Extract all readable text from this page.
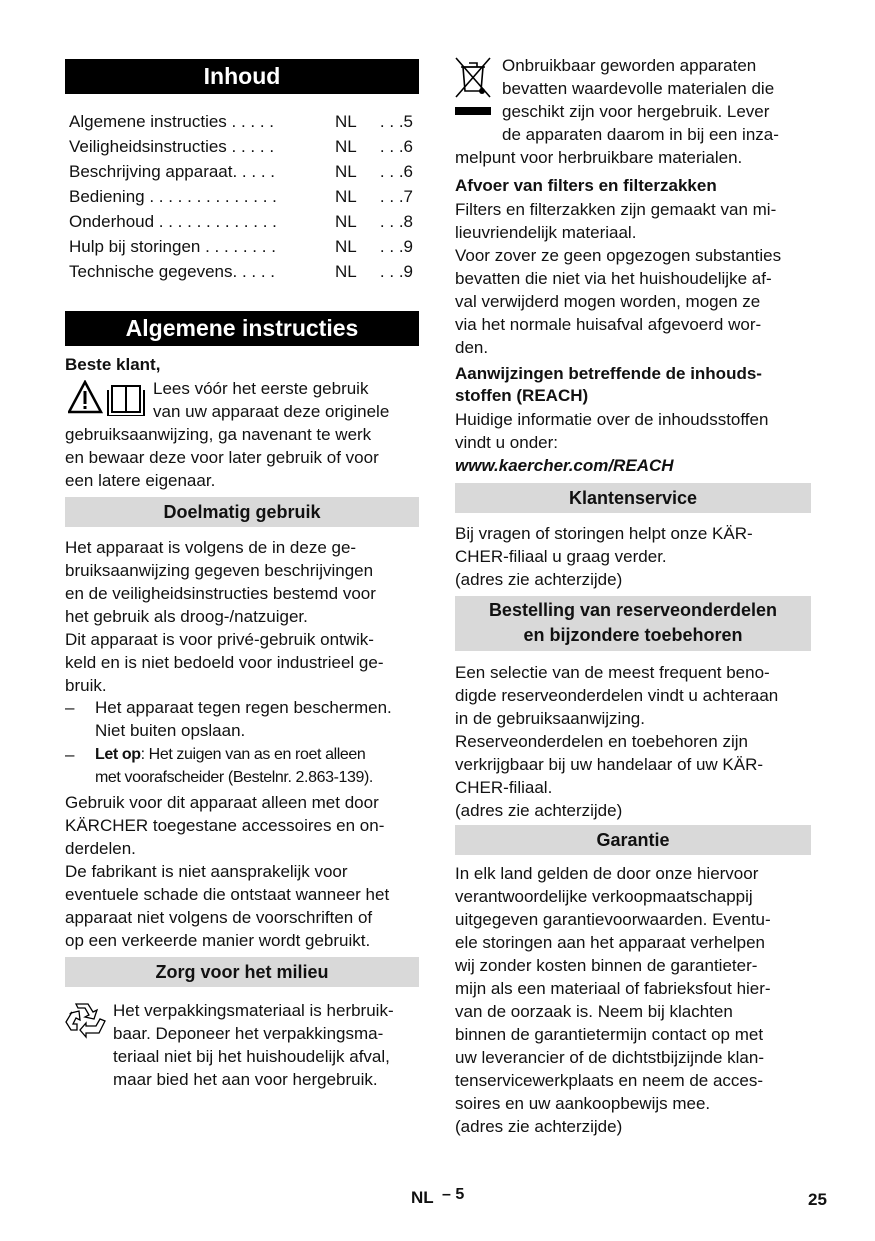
Inhoud
Algemene instructies . . . . .	NL . . .5
Veiligheidsinstructies . . . . .	NL . . .6
Beschrijving apparaat. . . . .	NL . . .6
Bediening . . . . . . . . . . . . . .	NL . . .7
Onderhoud . . . . . . . . . . . . .	NL . . .8
Hulp bij storingen . . . . . . . .	NL . . .9
Technische gegevens. . . . .	NL . . .9
Algemene instructies
Beste klant,
Lees vóór het eerste gebruik
van uw apparaat deze originele
gebruiksaanwijzing, ga navenant te werk
en bewaar deze voor later gebruik of voor
een latere eigenaar.
Doelmatig gebruik
Het apparaat is volgens de in deze ge-
bruiksaanwijzing gegeven beschrijvingen
en de veiligheidsinstructies bestemd voor
het gebruik als droog-/natzuiger.
Dit apparaat is voor privé-gebruik ontwik-
keld en is niet bedoeld voor industrieel ge-
bruik.
– Het apparaat tegen regen beschermen.
Niet buiten opslaan.
– Let op: Het zuigen van as en roet alleen
met voorafscheider (Bestelnr. 2.863-139).
Gebruik voor dit apparaat alleen met door
KÄRCHER toegestane accessoires en on-
derdelen.
De fabrikant is niet aansprakelijk voor
eventuele schade die ontstaat wanneer het
apparaat niet volgens de voorschriften of
op een verkeerde manier wordt gebruikt.
Zorg voor het milieu
Het verpakkingsmateriaal is herbruik-
baar. Deponeer het verpakkingsma-
teriaal niet bij het huishoudelijk afval,
maar bied het aan voor hergebruik.
Onbruikbaar geworden apparaten
bevatten waardevolle materialen die
geschikt zijn voor hergebruik. Lever
de apparaten daarom in bij een inza-
melpunt voor herbruikbare materialen.
Afvoer van filters en filterzakken
Filters en filterzakken zijn gemaakt van mi-
lieuvriendelijk materiaal.
Voor zover ze geen opgezogen substanties
bevatten die niet via het huishoudelijke af-
val verwijderd mogen worden, mogen ze
via het normale huisafval afgevoerd wor-
den.
Aanwijzingen betreffende de inhouds-
stoffen (REACH)
Huidige informatie over de inhoudsstoffen
vindt u onder:
www.kaercher.com/REACH
Klantenservice
Bij vragen of storingen helpt onze KÄR-
CHER-filiaal u graag verder.
(adres zie achterzijde)
Bestelling van reserveonderdelen
en bijzondere toebehoren
Een selectie van de meest frequent beno-
digde reserveonderdelen vindt u achteraan
in de gebruiksaanwijzing.
Reserveonderdelen en toebehoren zijn
verkrijgbaar bij uw handelaar of uw KÄR-
CHER-filiaal.
(adres zie achterzijde)
Garantie
In elk land gelden de door onze hiervoor
verantwoordelijke verkoopmaatschappij
uitgegeven garantievoorwaarden. Eventu-
ele storingen aan het apparaat verhelpen
wij zonder kosten binnen de garantieter-
mijn als een materiaal of fabrieksfout hier-
van de oorzaak is. Neem bij klachten
binnen de garantietermijn contact op met
uw leverancier of de dichtstbijzijnde klan-
tenservicewerkplaats en neem de acces-
soires en uw aankoopbewijs mee.
(adres zie achterzijde)
NL – 5	25
